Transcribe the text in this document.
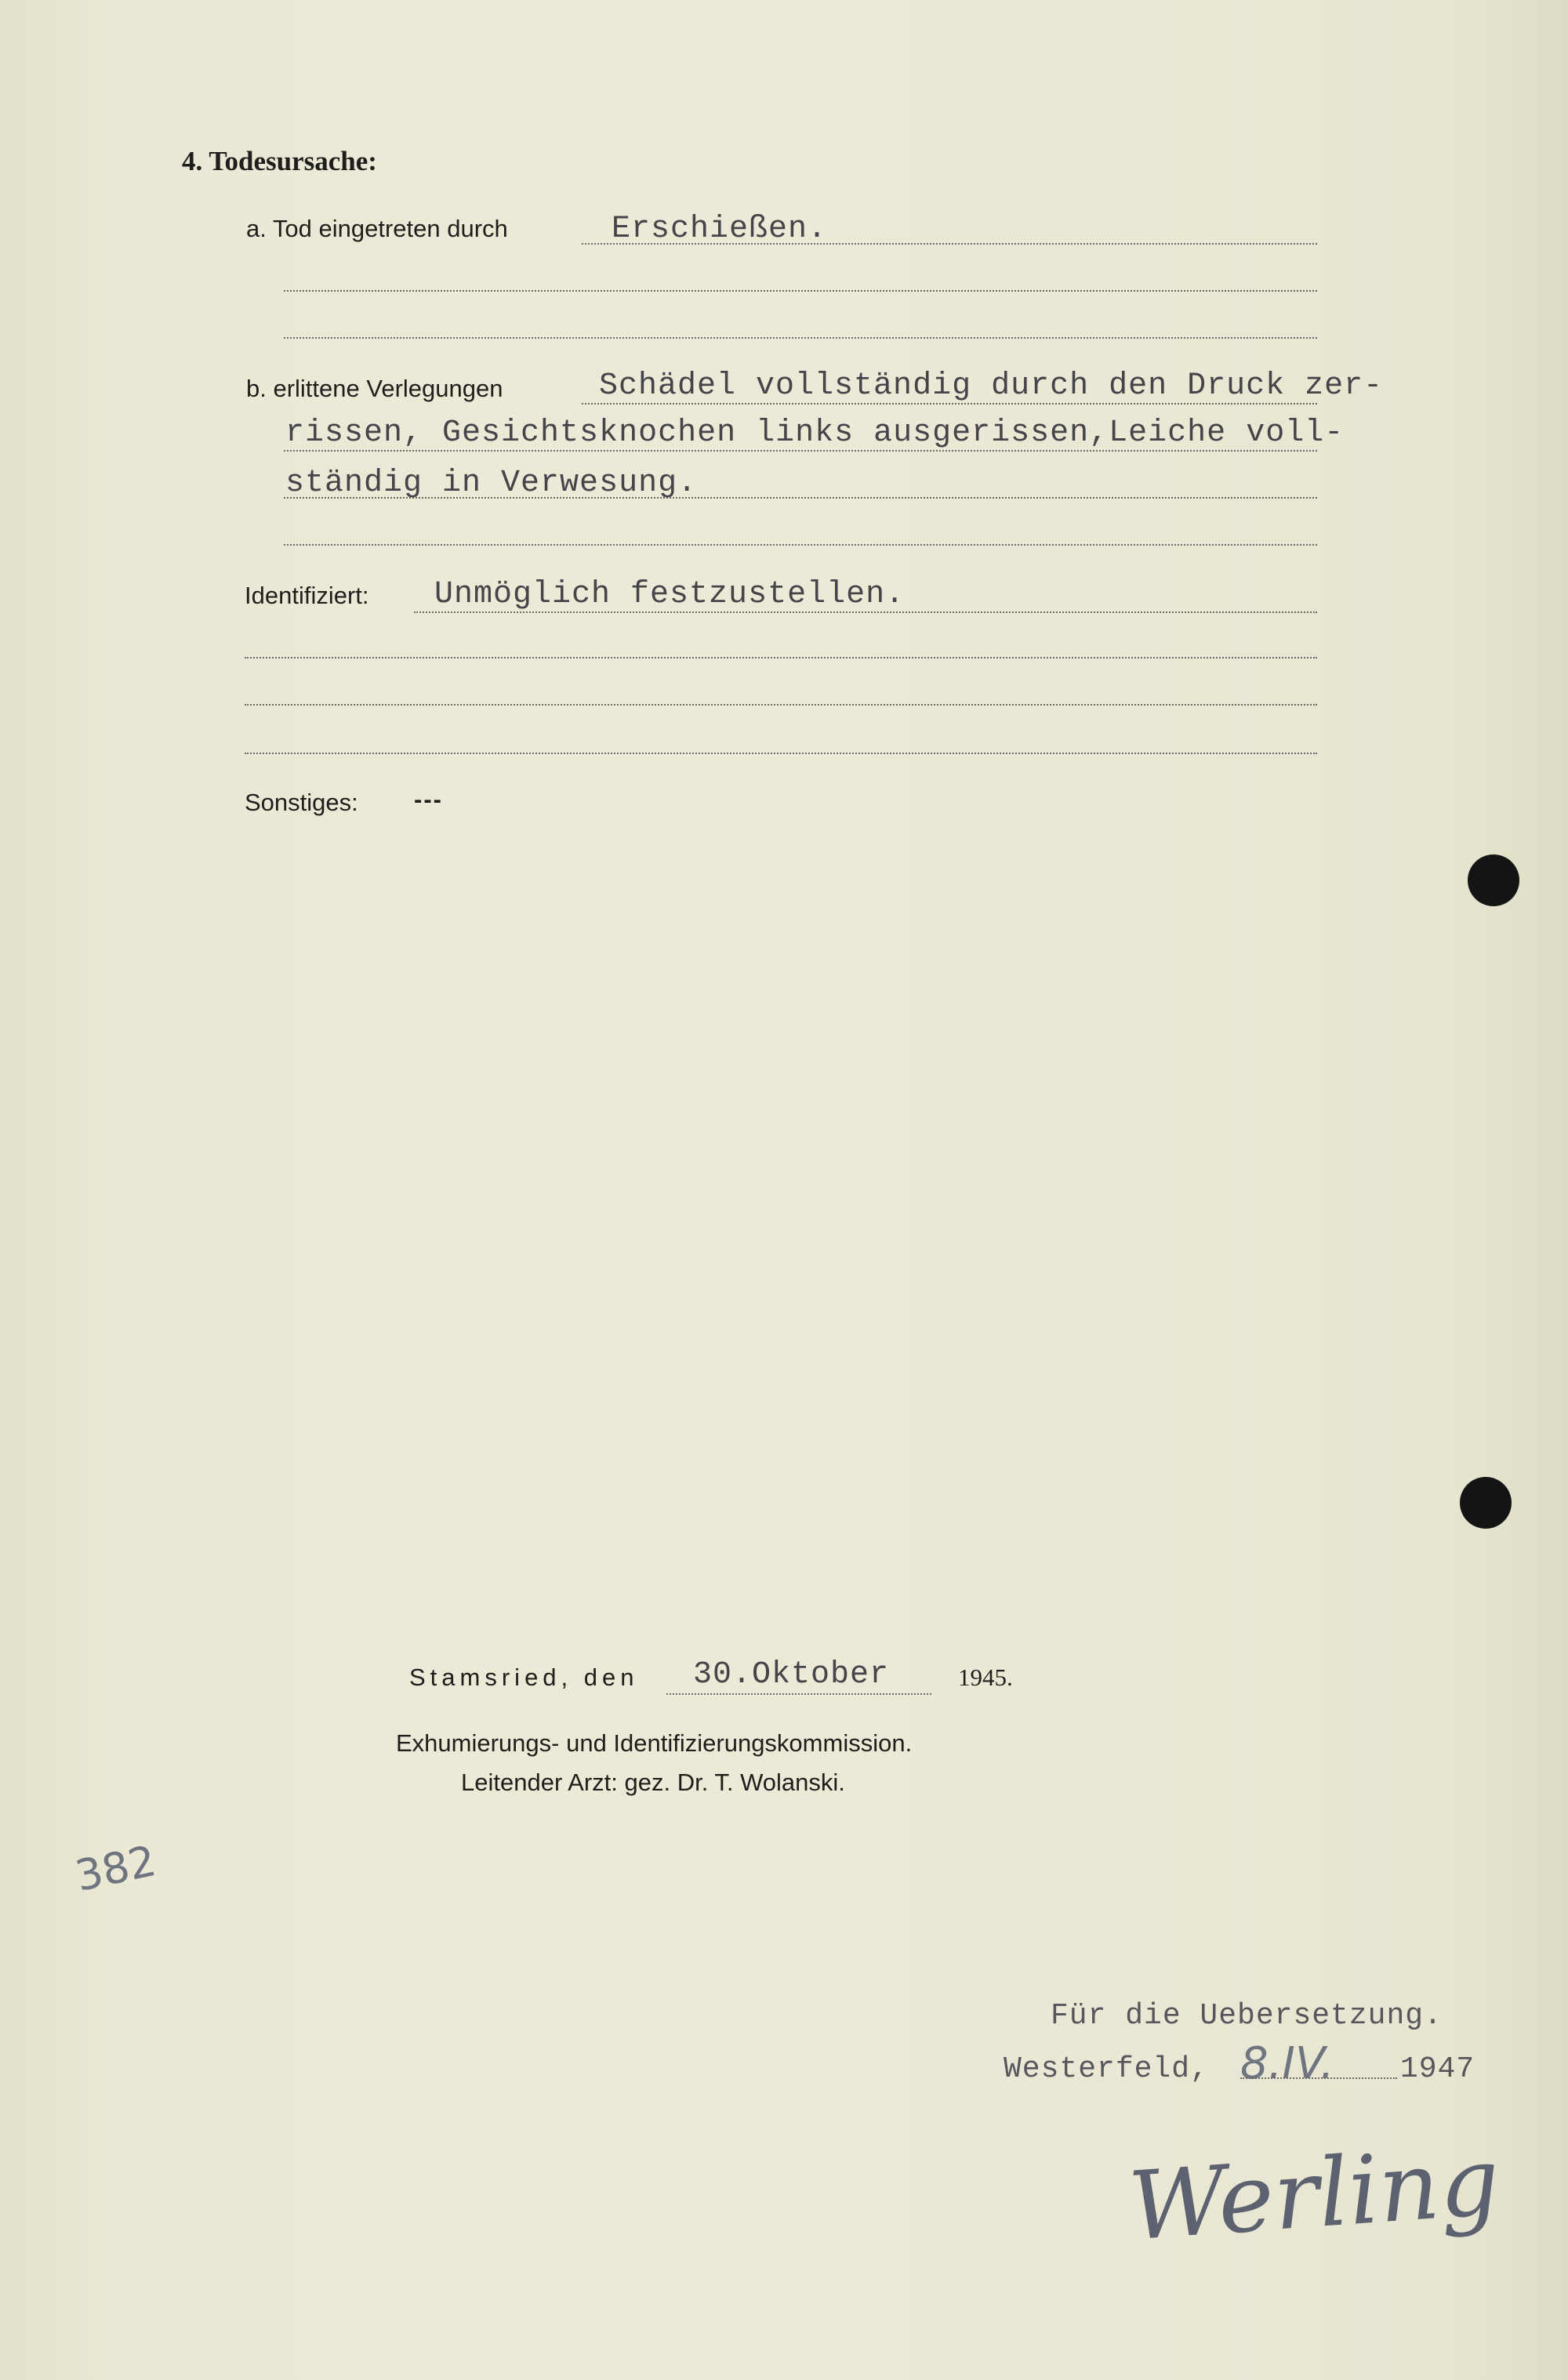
4. Todesursache:
a. Tod eingetreten durch	Erschießen.
b. erlittene Verlegungen	Schädel vollständig durch den Druck zer-
rissen, Gesichtsknochen links ausgerissen,Leiche voll-
ständig in Verwesung.
Identifiziert: Unmöglich festzustellen.
Sonstiges: ---
Stamsried, den 30.Oktober	1945.
Exhumierungs- und Identifizierungskommission.
Leitender Arzt: gez. Dr. T. Wolanski.
382
Für die Uebersetzung.
Westerfeld, 8.IV. 1947
Werling
